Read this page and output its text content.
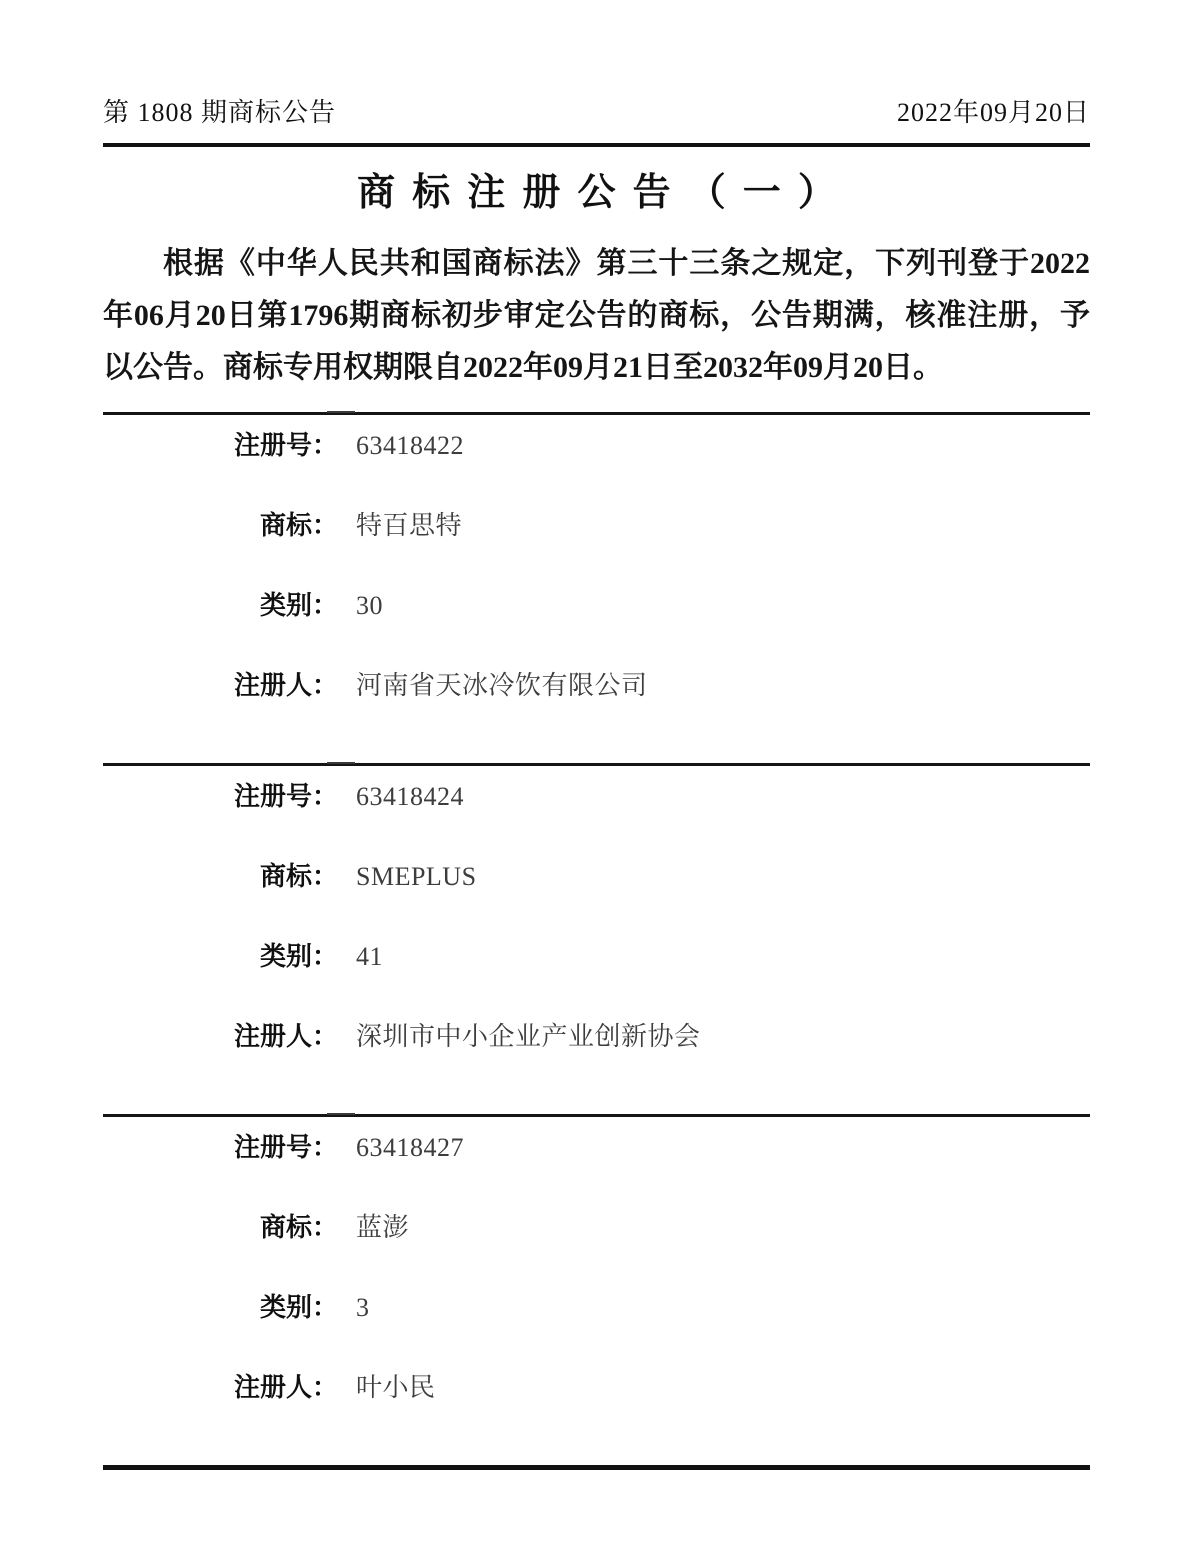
第 1808 期商标公告	2022年09月20日
商标注册公告（一）

根据《中华人民共和国商标法》第三十三条之规定，下列刊登于2022年06月20日第1796期商标初步审定公告的商标，公告期满，核准注册，予以公告。商标专用权期限自2022年09月21日至2032年09月20日。

注册号： 63418422
商标： 特百思特
类别： 30
注册人： 河南省天冰冷饮有限公司
注册号： 63418424
商标： SMEPLUS
类别： 41
注册人： 深圳市中小企业产业创新协会
注册号： 63418427
商标： 蓝澎
类别： 3
注册人： 叶小民
